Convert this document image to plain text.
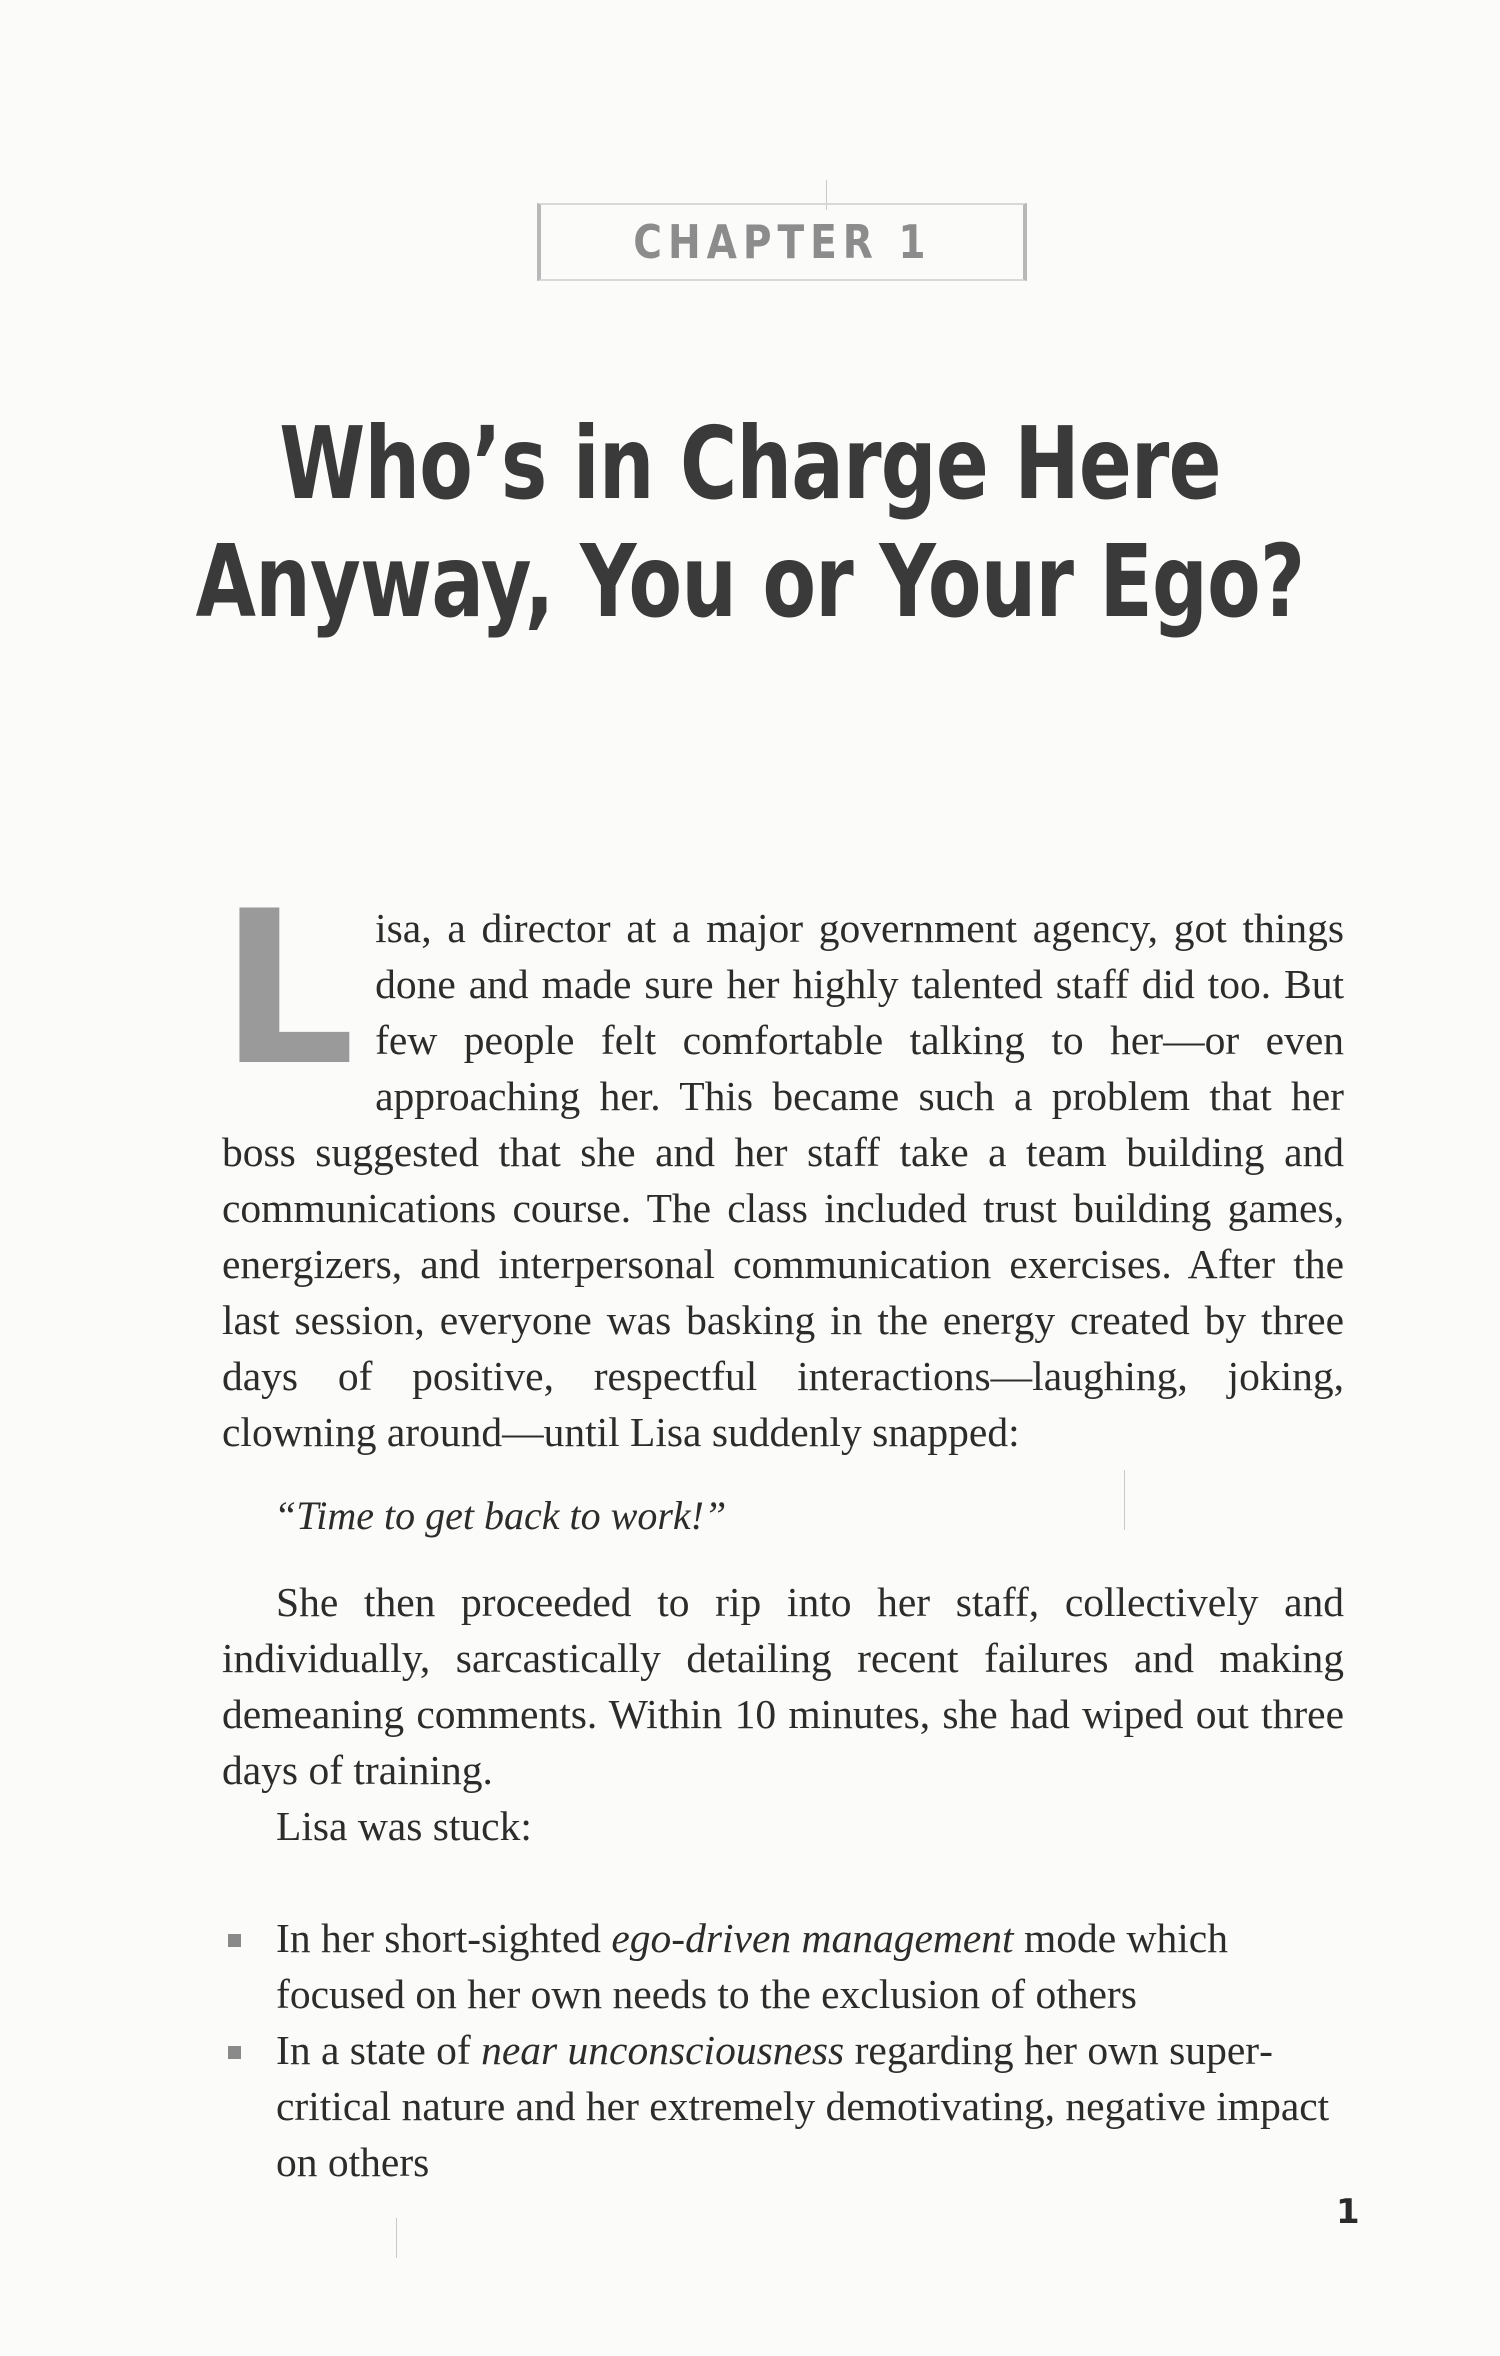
CHAPTER 1
Who’s in Charge Here
Anyway, You or Your Ego?

Lisa, a director at a major government agency, got things done and made sure her highly talented staff did too. But few people felt comfortable talking to her—or even approaching her. This became such a problem that her boss suggested that she and her staff take a team building and communications course. The class included trust building games, energizers, and interpersonal communication exercises. After the last session, everyone was basking in the energy created by three days of positive, respectful interactions—laughing, joking, clowning around—until Lisa suddenly snapped:

“Time to get back to work!”

She then proceeded to rip into her staff, collectively and individually, sarcastically detailing recent failures and making demeaning comments. Within 10 minutes, she had wiped out three days of training.

Lisa was stuck:

In her short-sighted ego-driven management mode which focused on her own needs to the exclusion of others
In a state of near unconsciousness regarding her own supercritical nature and her extremely demotivating, negative impact on others
1
